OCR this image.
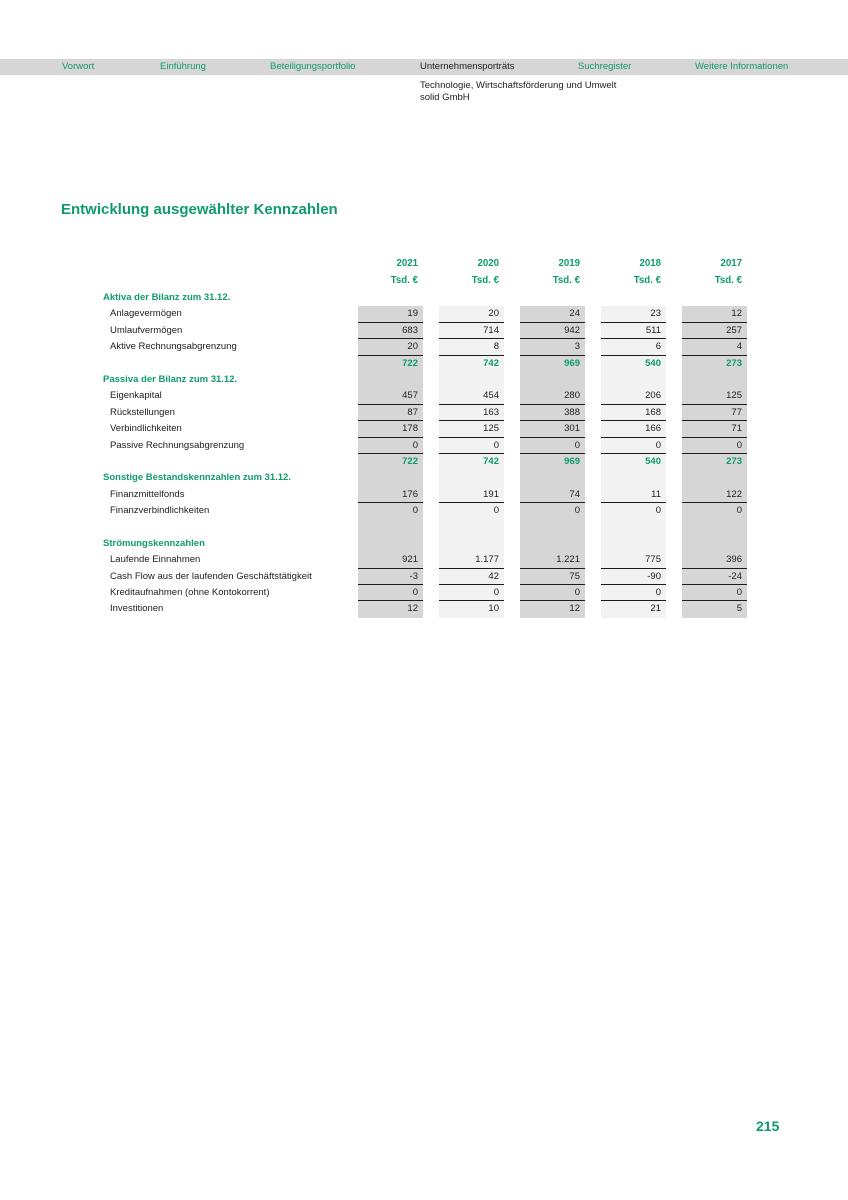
Vorwort	Einführung	Beteiligungsportfolio	Unternehmensporträts	Suchregister	Weitere Informationen
Technologie, Wirtschaftsförderung und Umwelt
solid GmbH
Entwicklung ausgewählter Kennzahlen
2021	2020	2019	2018	2017
Tsd. €	Tsd. €	Tsd. €	Tsd. €	Tsd. €
Aktiva der Bilanz zum 31.12.
Anlagevermögen	19	20	24	23	12
Umlaufvermögen	683	714	942	511	257
Aktive Rechnungsabgrenzung	20	8	3	6	4
722	742	969	540	273
Passiva der Bilanz zum 31.12.
Eigenkapital	457	454	280	206	125
Rückstellungen	87	163	388	168	77
Verbindlichkeiten	178	125	301	166	71
Passive Rechnungsabgrenzung	0	0	0	0	0
722	742	969	540	273
Sonstige Bestandskennzahlen zum 31.12.
Finanzmittelfonds	176	191	74	11	122
Finanzverbindlichkeiten	0	0	0	0	0
Strömungskennzahlen
Laufende Einnahmen	921	1.177	1.221	775	396
Cash Flow aus der laufenden Geschäftstätigkeit	-3	42	75	-90	-24
Kreditaufnahmen (ohne Kontokorrent)	0	0	0	0	0
Investitionen	12	10	12	21	5
215
